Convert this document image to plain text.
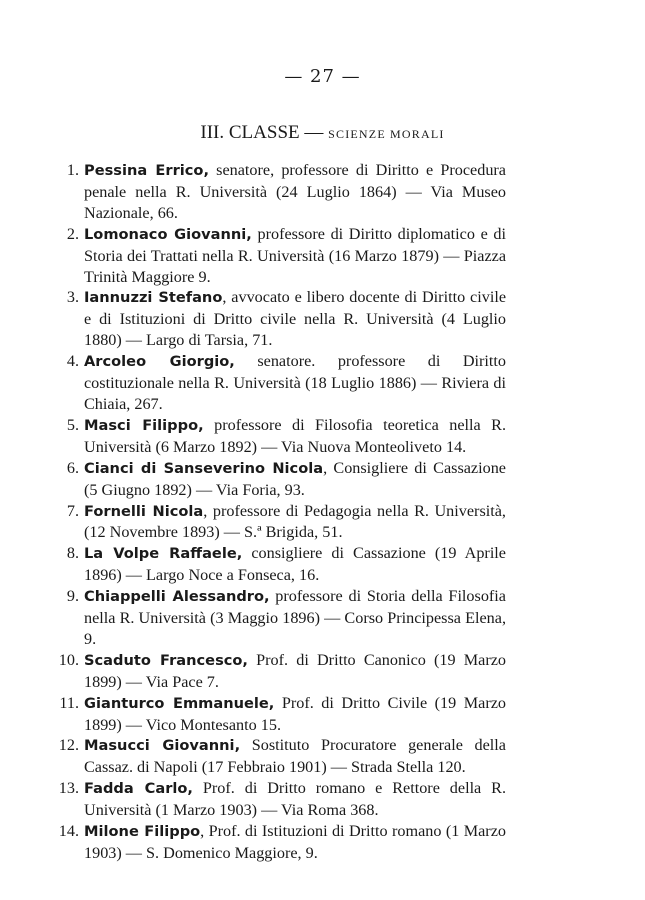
— 27 —
III. CLASSE — SCIENZE MORALI

1. Pessina Errico, senatore, professore di Diritto e Procedura penale nella R. Università (24 Luglio 1864) — Via Museo Nazionale, 66.

2. Lomonaco Giovanni, professore di Diritto diplomatico e di Storia dei Trattati nella R. Università (16 Marzo 1879) — Piazza Trinità Maggiore 9.

3. Iannuzzi Stefano, avvocato e libero docente di Diritto civile e di Istituzioni di Dritto civile nella R. Università (4 Luglio 1880) — Largo di Tarsia, 71.

4. Arcoleo Giorgio, senatore. professore di Diritto costituzionale nella R. Università (18 Luglio 1886) — Riviera di Chiaia, 267.

5. Masci Filippo, professore di Filosofia teoretica nella R. Università (6 Marzo 1892) — Via Nuova Monteoliveto 14.

6. Cianci di Sanseverino Nicola, Consigliere di Cassazione (5 Giugno 1892) — Via Foria, 93.

7. Fornelli Nicola, professore di Pedagogia nella R. Università, (12 Novembre 1893) — S.ª Brigida, 51.

8. La Volpe Raffaele, consigliere di Cassazione (19 Aprile 1896) — Largo Noce a Fonseca, 16.

9. Chiappelli Alessandro, professore di Storia della Filosofia nella R. Università (3 Maggio 1896) — Corso Principessa Elena, 9.

10. Scaduto Francesco, Prof. di Dritto Canonico (19 Marzo 1899) — Via Pace 7.

11. Gianturco Emmanuele, Prof. di Dritto Civile (19 Marzo 1899) — Vico Montesanto 15.

12. Masucci Giovanni, Sostituto Procuratore generale della Cassaz. di Napoli (17 Febbraio 1901) — Strada Stella 120.

13. Fadda Carlo, Prof. di Dritto romano e Rettore della R. Università (1 Marzo 1903) — Via Roma 368.

14. Milone Filippo, Prof. di Istituzioni di Dritto romano (1 Marzo 1903) — S. Domenico Maggiore, 9.
